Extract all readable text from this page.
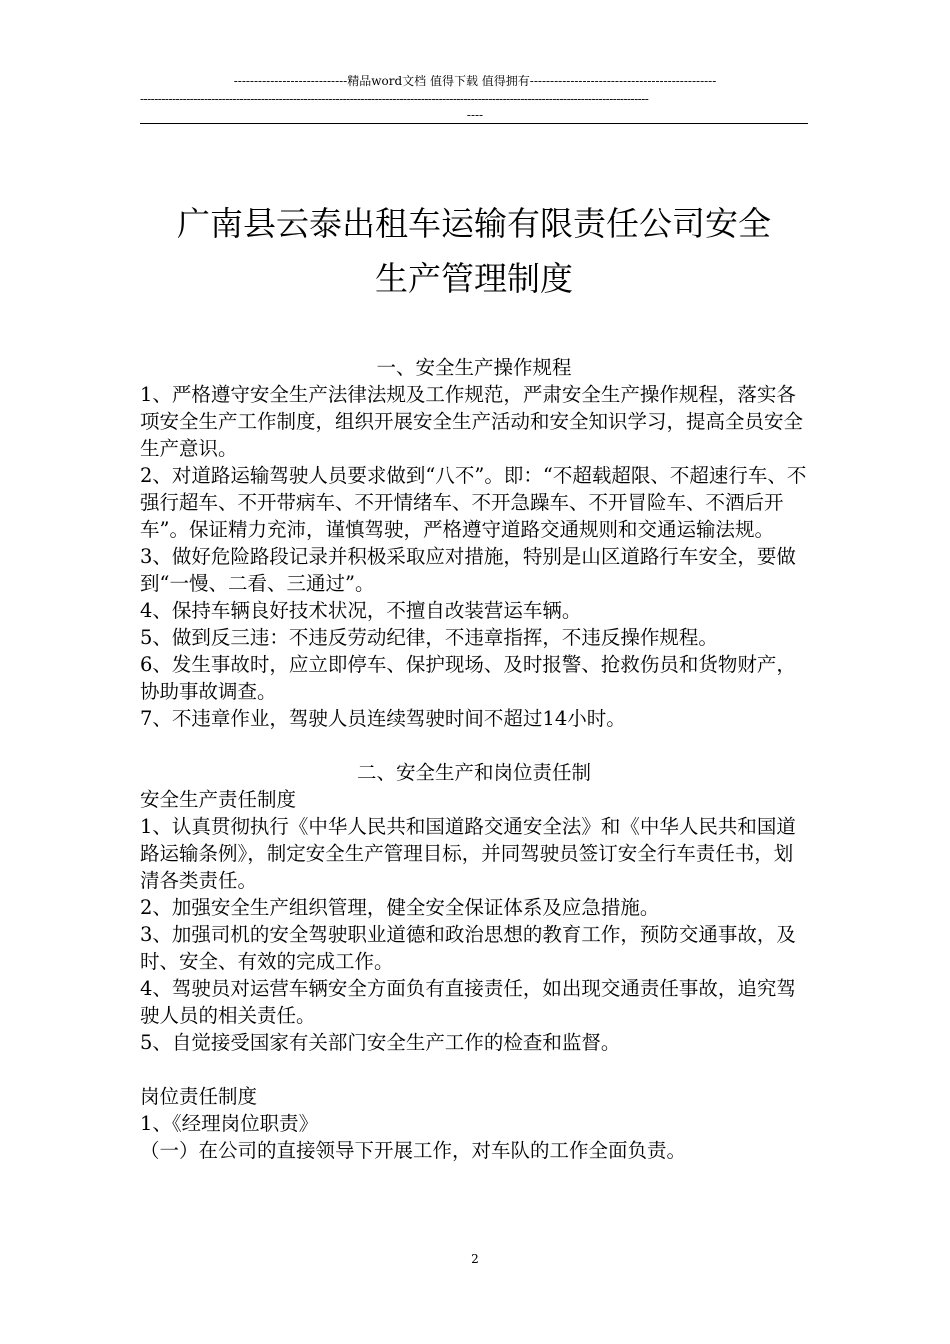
----------------------------精品word文档 值得下载 值得拥有----------------------------------------------
-----------------------------------------------------------------------------------------------------------------------------------------------
----
广南县云泰出租车运输有限责任公司安全
生产管理制度
一、安全生产操作规程

1、严格遵守安全生产法律法规及工作规范，严肃安全生产操作规程，落实各项安全生产工作制度，组织开展安全生产活动和安全知识学习，提高全员安全生产意识。

2、对道路运输驾驶人员要求做到“八不”。即：“不超载超限、不超速行车、不强行超车、不开带病车、不开情绪车、不开急躁车、不开冒险车、不酒后开车”。保证精力充沛，谨慎驾驶，严格遵守道路交通规则和交通运输法规。

3、做好危险路段记录并积极采取应对措施，特别是山区道路行车安全，要做到“一慢、二看、三通过”。

4、保持车辆良好技术状况，不擅自改装营运车辆。

5、做到反三违：不违反劳动纪律，不违章指挥，不违反操作规程。

6、发生事故时，应立即停车、保护现场、及时报警、抢救伤员和货物财产，协助事故调查。

7、不违章作业，驾驶人员连续驾驶时间不超过14小时。

二、安全生产和岗位责任制

安全生产责任制度

1、认真贯彻执行《中华人民共和国道路交通安全法》和《中华人民共和国道路运输条例》，制定安全生产管理目标，并同驾驶员签订安全行车责任书，划清各类责任。

2、加强安全生产组织管理，健全安全保证体系及应急措施。

3、加强司机的安全驾驶职业道德和政治思想的教育工作，预防交通事故，及时、安全、有效的完成工作。

4、驾驶员对运营车辆安全方面负有直接责任，如出现交通责任事故，追究驾驶人员的相关责任。

5、自觉接受国家有关部门安全生产工作的检查和监督。

岗位责任制度

1、《经理岗位职责》

（一）在公司的直接领导下开展工作，对车队的工作全面负责。

2
